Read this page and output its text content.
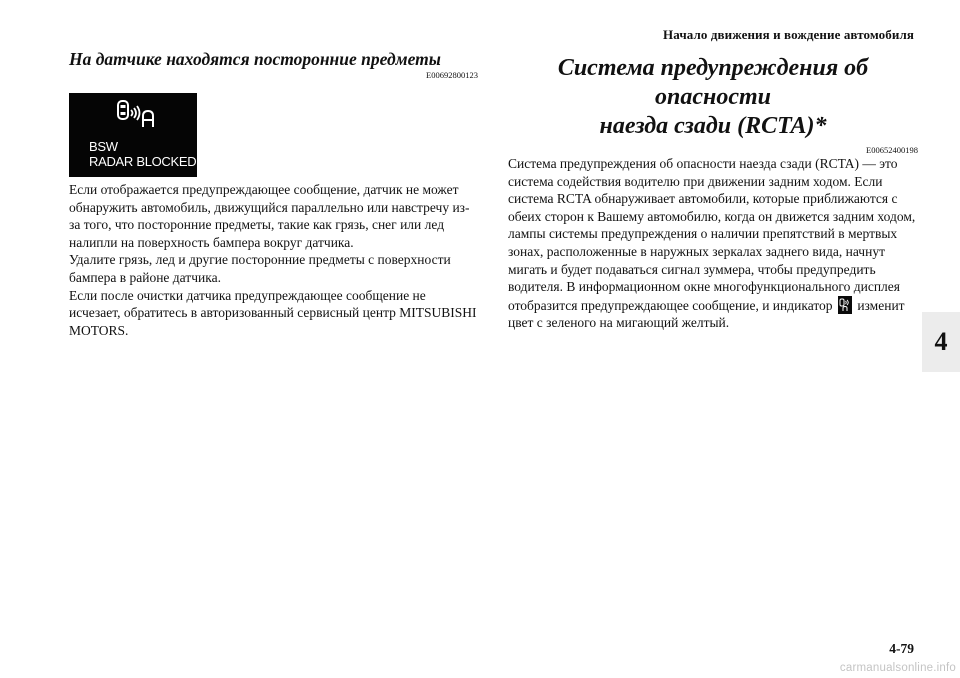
Начало движения и вождение автомобиля
4
На датчике находятся посторонние предметы
E00692800123
BSW
RADAR BLOCKED

Если отображается предупреждающее сообщение, датчик не может обнаружить автомобиль, движущийся параллельно или навстречу из-за того, что посторонние предметы, такие как грязь, снег или лед налипли на поверхность бампера вокруг датчика.

Удалите грязь, лед и другие посторонние предметы с поверхности бампера в районе датчика.

Если после очистки датчика предупреждающее сообщение не исчезает, обратитесь в авторизованный сервисный центр MITSUBISHI MOTORS.

Система предупреждения об опасности
наезда сзади (RCTA)*
E00652400198

Система предупреждения об опасности наезда сзади (RCTA) — это система содействия водителю при движении задним ходом. Если система RCTA обнаруживает автомобили, которые приближаются с обеих сторон к Вашему автомобилю, когда он движется задним ходом, лампы системы предупреждения о наличии препятствий в мертвых зонах, расположенные в наружных зеркалах заднего вида, начнут мигать и будет подаваться сигнал зуммера, чтобы предупредить водителя. В информационном окне многофункционального дисплея отобразится предупреждающее сообщение, и индикатор изменит цвет с зеленого на мигающий желтый.

4-79
carmanualsonline.info
